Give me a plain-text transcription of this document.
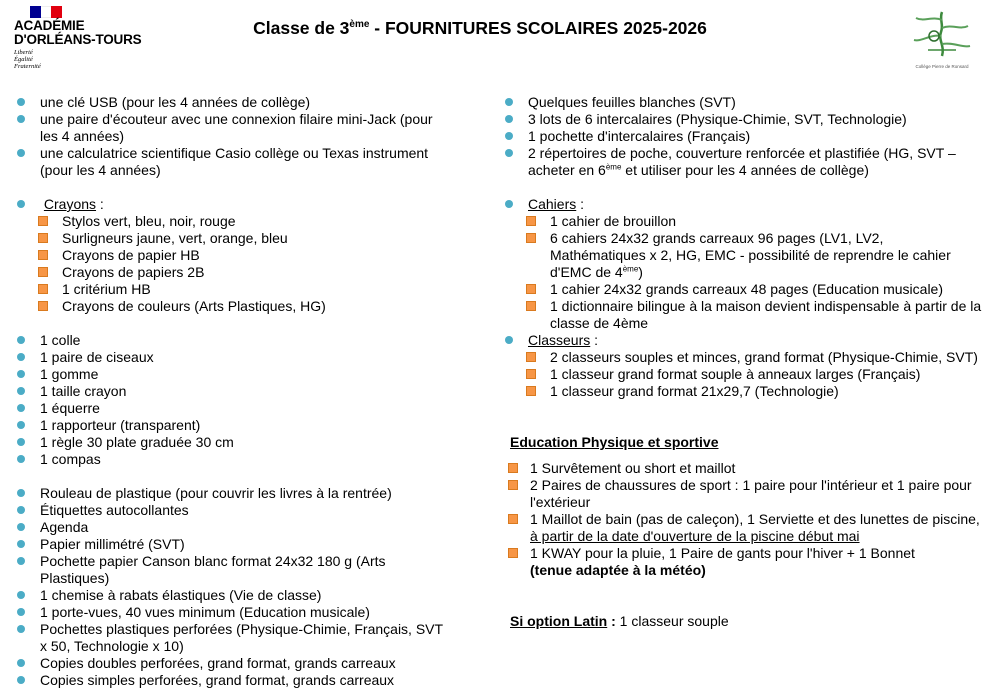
ACADÉMIE
D'ORLÉANS-TOURS
Liberté
Égalité
Fraternité
Classe de 3ème - FOURNITURES SCOLAIRES 2025-2026
Collège Pierre de Ronsard
une clé USB (pour les 4 années de collège)
une paire d'écouteur avec une connexion filaire mini-Jack (pour les 4 années)
une calculatrice scientifique Casio collège ou Texas instrument (pour les 4 années)
Crayons :
Stylos vert, bleu, noir, rouge
Surligneurs jaune, vert, orange, bleu
Crayons de papier HB
Crayons de papiers 2B
1 critérium HB
Crayons de couleurs (Arts Plastiques, HG)
1 colle
1 paire de ciseaux
1 gomme
1 taille crayon
1 équerre
1 rapporteur (transparent)
1 règle 30 plate graduée 30 cm
1 compas
Rouleau de plastique (pour couvrir les livres à la rentrée)
Étiquettes autocollantes
Agenda
Papier millimétré (SVT)
Pochette papier Canson blanc format 24x32 180 g (Arts Plastiques)
1 chemise à rabats élastiques (Vie de classe)
1 porte-vues, 40 vues minimum (Education musicale)
Pochettes plastiques perforées (Physique-Chimie, Français, SVT x 50, Technologie x 10)
Copies doubles perforées, grand format, grands carreaux
Copies simples perforées, grand format, grands carreaux
Quelques feuilles blanches (SVT)
3 lots de 6 intercalaires (Physique-Chimie, SVT, Technologie)
1 pochette d'intercalaires (Français)
2 répertoires de poche, couverture renforcée et plastifiée (HG, SVT – acheter en 6ème et utiliser pour les 4 années de collège)
Cahiers :
1 cahier de brouillon
6 cahiers 24x32 grands carreaux 96 pages (LV1, LV2, Mathématiques x 2, HG, EMC - possibilité de reprendre le cahier d'EMC de 4ème)
1 cahier 24x32 grands carreaux 48 pages (Education musicale)
1 dictionnaire bilingue à la maison devient indispensable à partir de la classe de 4ème
Classeurs :
2 classeurs souples et minces, grand format (Physique-Chimie, SVT)
1 classeur grand format souple à anneaux larges (Français)
1 classeur grand format 21x29,7 (Technologie)
Education Physique et sportive
1 Survêtement ou short et maillot
2 Paires de chaussures de sport : 1 paire pour l'intérieur et 1 paire pour l'extérieur
1 Maillot de bain (pas de caleçon), 1 Serviette et des lunettes de piscine, à partir de la date d'ouverture de la piscine début mai
1 KWAY pour la pluie, 1 Paire de gants pour l'hiver + 1 Bonnet
(tenue adaptée à la météo)
Si option Latin : 1 classeur souple
